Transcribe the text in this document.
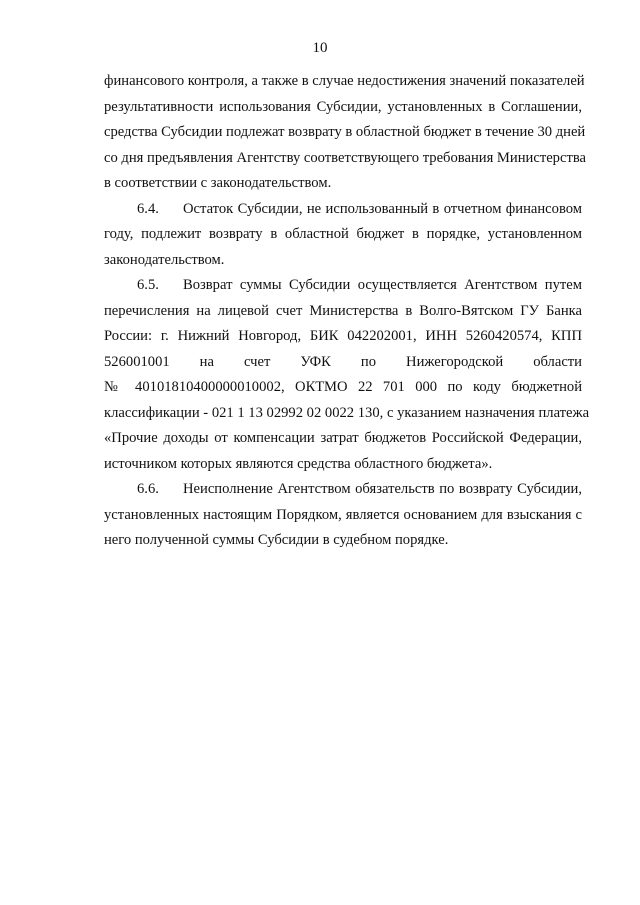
10
финансового контроля, а также в случае недостижения значений показателей
результативности использования Субсидии, установленных в Соглашении,
средства Субсидии подлежат возврату в областной бюджет в течение 30 дней
со дня предъявления Агентству соответствующего требования Министерства
в соответствии с законодательством.
6.4.	Остаток Субсидии, не использованный в отчетном финансовом
году, подлежит возврату в областной бюджет в порядке, установленном
законодательством.
6.5.	Возврат суммы Субсидии осуществляется Агентством путем
перечисления на лицевой счет Министерства в Волго-Вятском ГУ Банка
России: г. Нижний Новгород, БИК 042202001, ИНН 5260420574, КПП
526001001 на счет УФК по Нижегородской области
№ 40101810400000010002, ОКТМО 22 701 000 по коду бюджетной
классификации - 021 1 13 02992 02 0022 130, с указанием назначения платежа
«Прочие доходы от компенсации затрат бюджетов Российской Федерации,
источником которых являются средства областного бюджета».
6.6.	Неисполнение Агентством обязательств по возврату Субсидии,
установленных настоящим Порядком, является основанием для взыскания с
него полученной суммы Субсидии в судебном порядке.
